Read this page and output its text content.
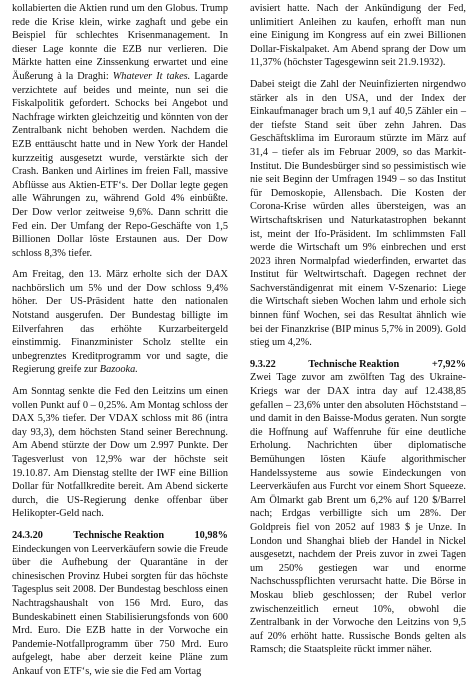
kollabierten die Aktien rund um den Globus. Trump rede die Krise klein, wirke zaghaft und gebe ein Beispiel für schlechtes Krisenmanagement. In dieser Lage konnte die EZB nur verlieren. Die Märkte hatten eine Zinssenkung erwartet und eine Äußerung à la Draghi: Whatever It takes. Lagarde verzichtete auf beides und meinte, nun sei die Fiskalpolitik gefordert. Schocks bei Angebot und Nachfrage wirkten gleichzeitig und könnten von der Zentralbank nicht behoben werden. Nachdem die EZB enttäuscht hatte und in New York der Handel kurzzeitig ausgesetzt wurde, verstärkte sich der Crash. Banken und Airlines im freien Fall, massive Abflüsse aus Aktien-ETF‘s. Der Dollar legte gegen alle Währungen zu, während Gold 4% einbüßte. Der Dow verlor zeitweise 9,6%. Dann schritt die Fed ein. Der Umfang der Repo-Geschäfte von 1,5 Billionen Dollar löste Erstaunen aus. Der Dow schloss 8,3% tiefer.

Am Freitag, den 13. März erholte sich der DAX nachbörslich um 5% und der Dow schloss 9,4% höher. Der US-Präsident hatte den nationalen Notstand ausgerufen. Der Bundestag billigte im Eilverfahren das erhöhte Kurzarbeitergeld einstimmig. Finanzminister Scholz stellte ein unbegrenztes Kreditprogramm vor und sagte, die Regierung greife zur Bazooka.

Am Sonntag senkte die Fed den Leitzins um einen vollen Punkt auf 0 – 0,25%. Am Montag schloss der DAX 5,3% tiefer. Der VDAX schloss mit 86 (intra day 93,3), dem höchsten Stand seiner Berechnung. Am Abend stürzte der Dow um 2.997 Punkte. Der Tagesverlust von 12,9% war der höchste seit 19.10.87. Am Dienstag stellte der IWF eine Billion Dollar für Notfallkredite bereit. Am Abend sickerte durch, die US-Regierung denke offenbar über Helikopter-Geld nach.

24.3.20	Technische Reaktion	10,98%

Eindeckungen von Leerverkäufern sowie die Freude über die Aufhebung der Quarantäne in der chinesischen Provinz Hubei sorgten für das höchste Tagesplus seit 2008. Der Bundestag beschloss einen Nachtragshaushalt von 156 Mrd. Euro, das Bundeskabinett einen Stabilisierungsfonds von 600 Mrd. Euro. Die EZB hatte in der Vorwoche ein Pandemie-Notfallprogramm über 750 Mrd. Euro aufgelegt, habe aber derzeit keine Pläne zum Ankauf von ETF‘s, wie sie die Fed am Vortag

avisiert hatte. Nach der Ankündigung der Fed, unlimitiert Anleihen zu kaufen, erhofft man nun eine Einigung im Kongress auf ein zwei Billionen Dollar-Fiskalpaket. Am Abend sprang der Dow um 11,37% (höchster Tagesgewinn seit 21.9.1932).

Dabei steigt die Zahl der Neuinfizierten nirgendwo stärker als in den USA, und der Index der Einkaufmanager brach um 9,1 auf 40,5 Zähler ein – der tiefste Stand seit über zehn Jahren. Das Geschäftsklima im Euroraum stürzte im März auf 31,4 – tiefer als im Februar 2009, so das Markit-Institut. Die Bundesbürger sind so pessimistisch wie nie seit Beginn der Umfragen 1949 – so das Institut für Demoskopie, Allensbach. Die Kosten der Corona-Krise würden alles übersteigen, was an Wirtschaftskrisen und Naturkatastrophen bekannt ist, meint der Ifo-Präsident. Im schlimmsten Fall werde die Wirtschaft um 9% einbrechen und erst 2023 ihren Normalpfad wiederfinden, erwartet das Institut für Weltwirtschaft. Dagegen rechnet der Sachverständigenrat mit einem V-Szenario: Liege die Wirtschaft sieben Wochen lahm und erhole sich binnen fünf Wochen, sei das Resultat ähnlich wie bei der Finanzkrise (BIP minus 5,7% in 2009). Gold stieg um 4,2%.

9.3.22	Technische Reaktion	+7,92%

Zwei Tage zuvor am zwölften Tag des Ukraine-Kriegs war der DAX intra day auf 12.438,85 gefallen – 23,6% unter den absoluten Höchststand – und damit in den Baisse-Modus geraten. Nun sorgte die Hoffnung auf Waffenruhe für eine deutliche Erholung. Nachrichten über diplomatische Bemühungen lösten Käufe algorithmischer Handelssysteme aus sowie Eindeckungen von Leerverkäufen aus Furcht vor einem Short Squeeze. Am Ölmarkt gab Brent um 6,2% auf 120 $/Barrel nach; Erdgas verbilligte sich um 28%. Der Goldpreis fiel von 2052 auf 1983 $ je Unze. In London und Shanghai blieb der Handel in Nickel ausgesetzt, nachdem der Preis zuvor in zwei Tagen um 250% gestiegen war und enorme Nachschusspflichten verursacht hatte. Die Börse in Moskau blieb geschlossen; der Rubel verlor zwischenzeitlich erneut 10%, obwohl die Zentralbank in der Vorwoche den Leitzins von 9,5 auf 20% erhöht hatte. Russische Bonds gelten als Ramsch; die Staatspleite rückt immer näher.
